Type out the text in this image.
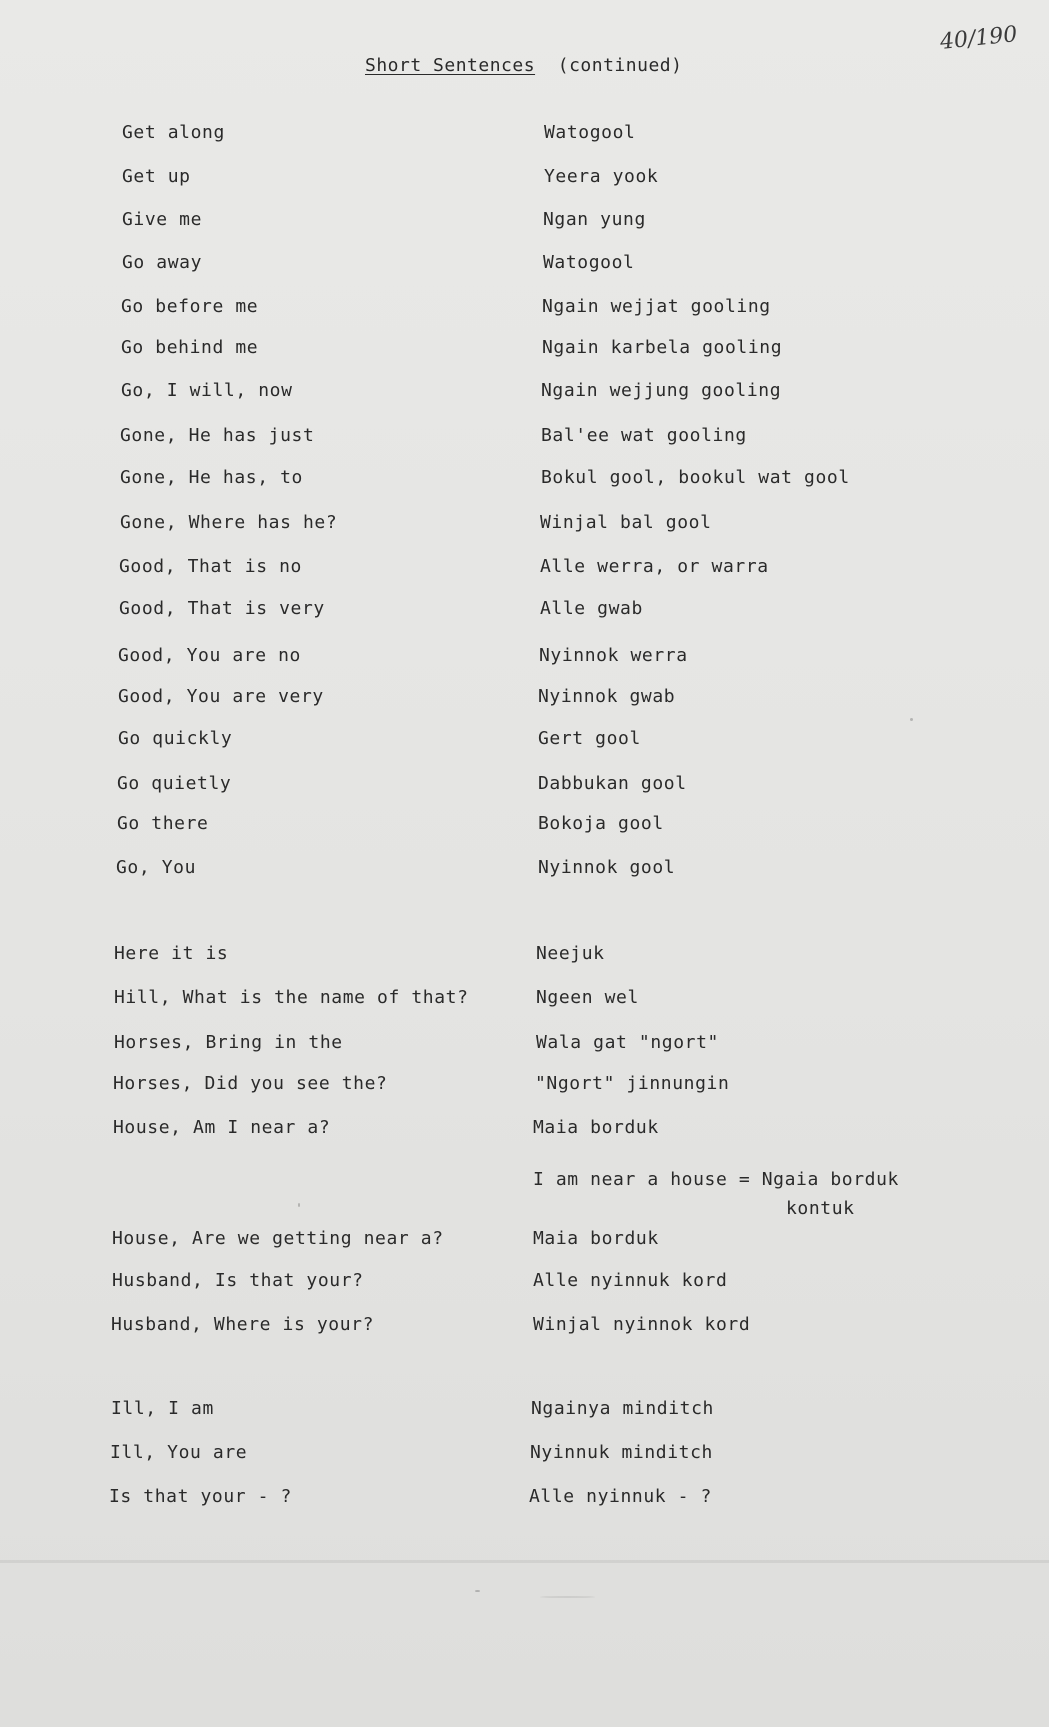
40/190
Short Sentences (continued)
Get along	Watogool
Get up	Yeera yook
Give me	Ngan yung
Go away	Watogool
Go before me	Ngain wejjat gooling
Go behind me	Ngain karbela gooling
Go, I will, now	Ngain wejjung gooling
Gone, He has just	Bal'ee wat gooling
Gone, He has, to	Bokul gool, bookul wat gool
Gone, Where has he?	Winjal bal gool
Good, That is no	Alle werra, or warra
Good, That is very	Alle gwab
Good, You are no	Nyinnok werra
Good, You are very	Nyinnok gwab
Go quickly	Gert gool
Go quietly	Dabbukan gool
Go there	Bokoja gool
Go, You	Nyinnok gool
Here it is	Neejuk
Hill, What is the name of that?	Ngeen wel
Horses, Bring in the	Wala gat "ngort"
Horses, Did you see the?	"Ngort" jinnungin
House, Am I near a?	Maia borduk
I am near a house = Ngaia borduk
kontuk
House, Are we getting near a?	Maia borduk
Husband, Is that your?	Alle nyinnuk kord
Husband, Where is your?	Winjal nyinnok kord
Ill, I am	Ngainya minditch
Ill, You are	Nyinnuk minditch
Is that your - ?	Alle nyinnuk - ?
